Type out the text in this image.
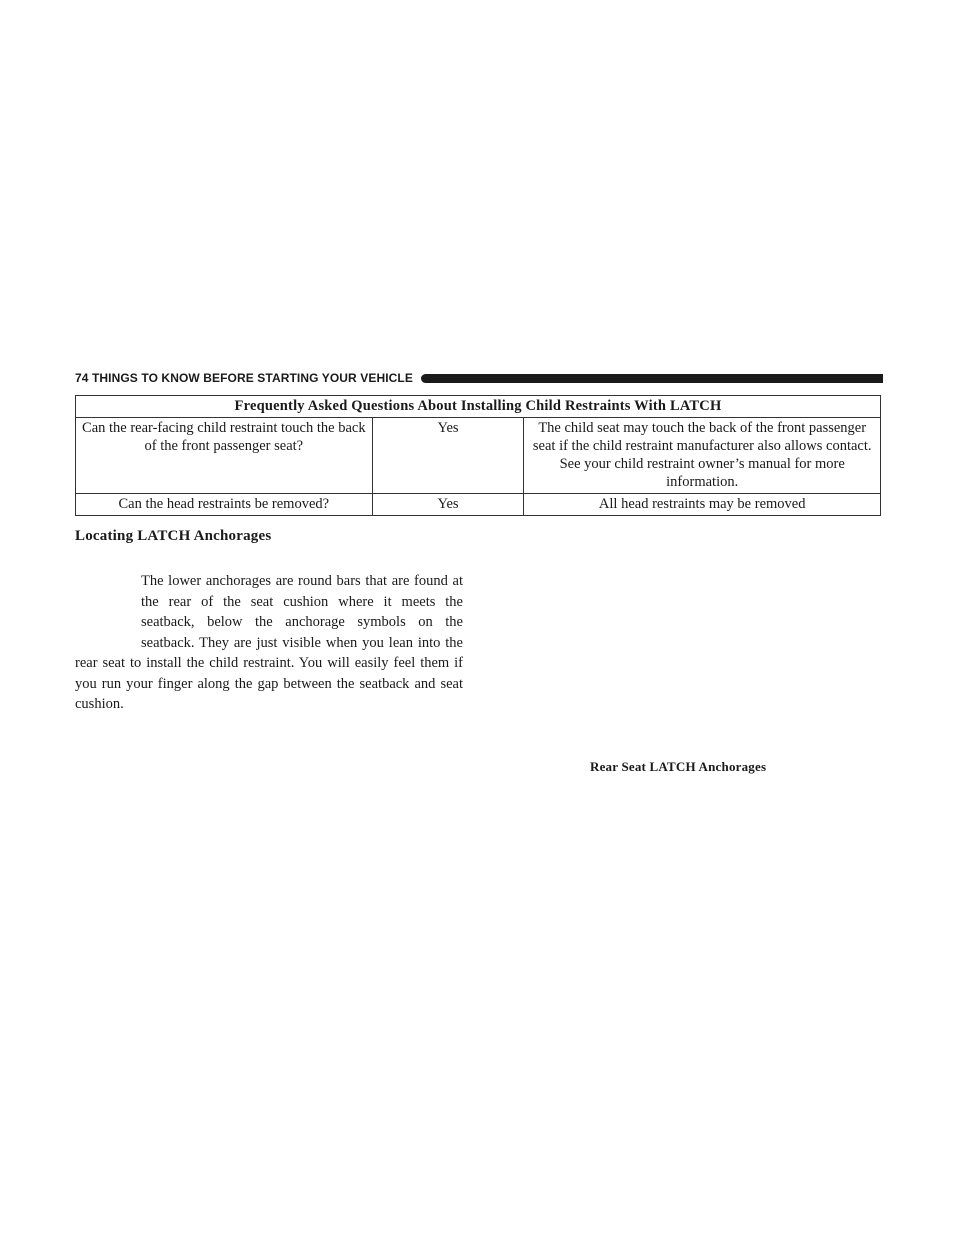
74 THINGS TO KNOW BEFORE STARTING YOUR VEHICLE
Frequently Asked Questions About Installing Child Restraints With LATCH		
Can the rear-facing child restraint touch the back of the front passenger seat?	Yes	The child seat may touch the back of the front passenger seat if the child restraint manufacturer also allows contact. See your child restraint owner’s manual for more information.
Can the head restraints be removed?	Yes	All head restraints may be removed
Locating LATCH Anchorages

The lower anchorages are round bars that are found at the rear of the seat cushion where it meets the seatback, below the anchorage symbols on the seatback. They are just visible when you lean into the rear seat to install the child restraint. You will easily feel them if you run your finger along the gap between the seatback and seat cushion.

Rear Seat LATCH Anchorages
